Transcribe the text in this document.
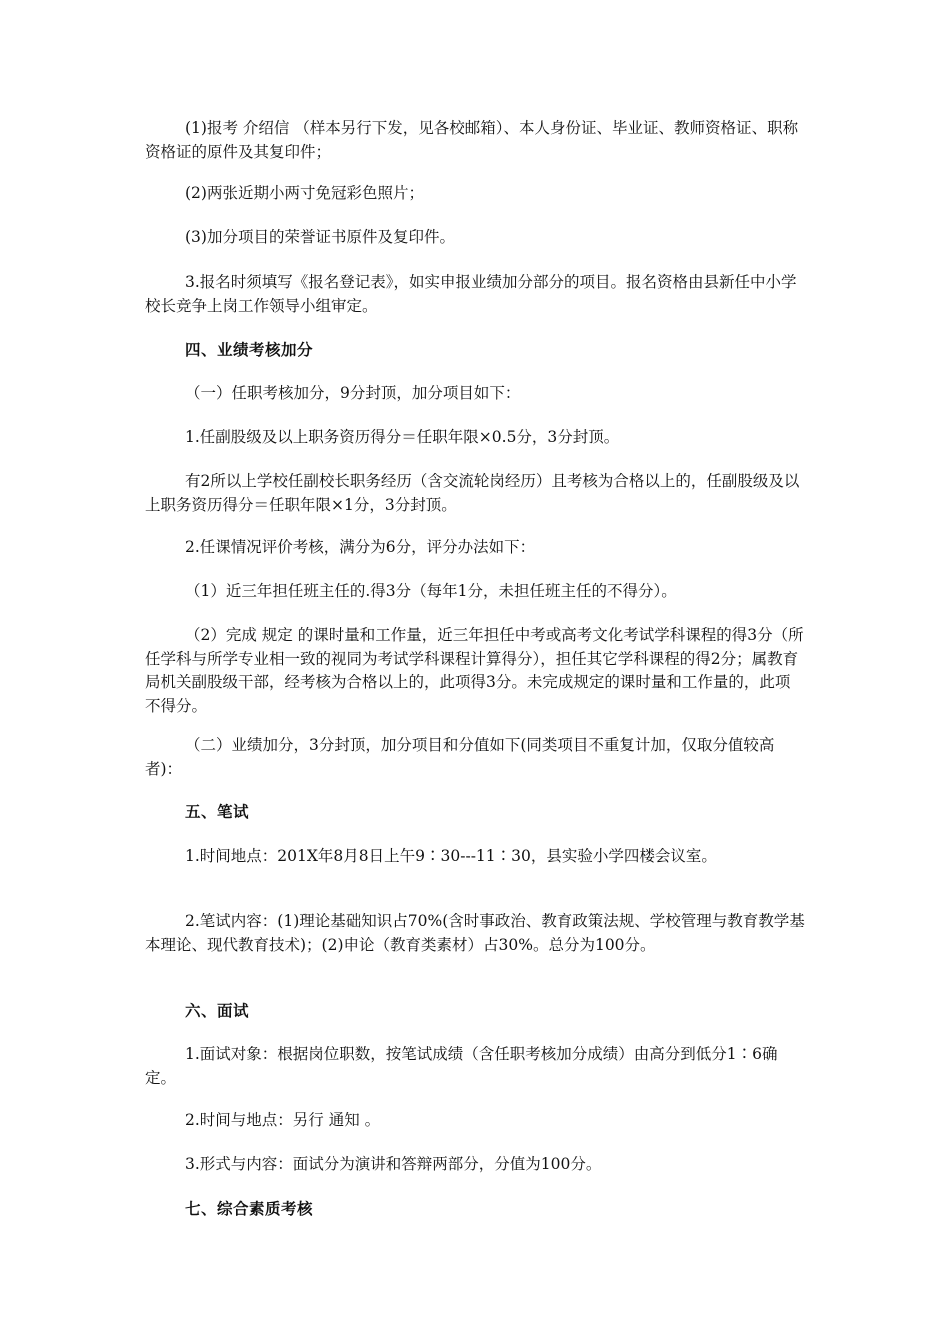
(1)报考 介绍信 （样本另行下发，见各校邮箱）、本人身份证、毕业证、教师资格证、职称资格证的原件及其复印件；

(2)两张近期小两寸免冠彩色照片；

(3)加分项目的荣誉证书原件及复印件。

3.报名时须填写《报名登记表》，如实申报业绩加分部分的项目。报名资格由县新任中小学校长竞争上岗工作领导小组审定。

四、业绩考核加分

（一）任职考核加分，9分封顶，加分项目如下：

1.任副股级及以上职务资历得分＝任职年限×0.5分，3分封顶。

有2所以上学校任副校长职务经历（含交流轮岗经历）且考核为合格以上的，任副股级及以上职务资历得分＝任职年限×1分，3分封顶。

2.任课情况评价考核，满分为6分，评分办法如下：

（1）近三年担任班主任的.得3分（每年1分，未担任班主任的不得分）。

（2）完成 规定 的课时量和工作量，近三年担任中考或高考文化考试学科课程的得3分（所任学科与所学专业相一致的视同为考试学科课程计算得分），担任其它学科课程的得2分；属教育局机关副股级干部，经考核为合格以上的，此项得3分。未完成规定的课时量和工作量的，此项不得分。

（二）业绩加分，3分封顶，加分项目和分值如下(同类项目不重复计加，仅取分值较高者)：

五、笔试

1.时间地点：201X年8月8日上午9∶30---11∶30，县实验小学四楼会议室。

2.笔试内容：(1)理论基础知识占70%(含时事政治、教育政策法规、学校管理与教育教学基本理论、现代教育技术)；(2)申论（教育类素材）占30%。总分为100分。

六、面试

1.面试对象：根据岗位职数，按笔试成绩（含任职考核加分成绩）由高分到低分1∶6确定。

2.时间与地点：另行 通知 。

3.形式与内容：面试分为演讲和答辩两部分，分值为100分。

七、综合素质考核
